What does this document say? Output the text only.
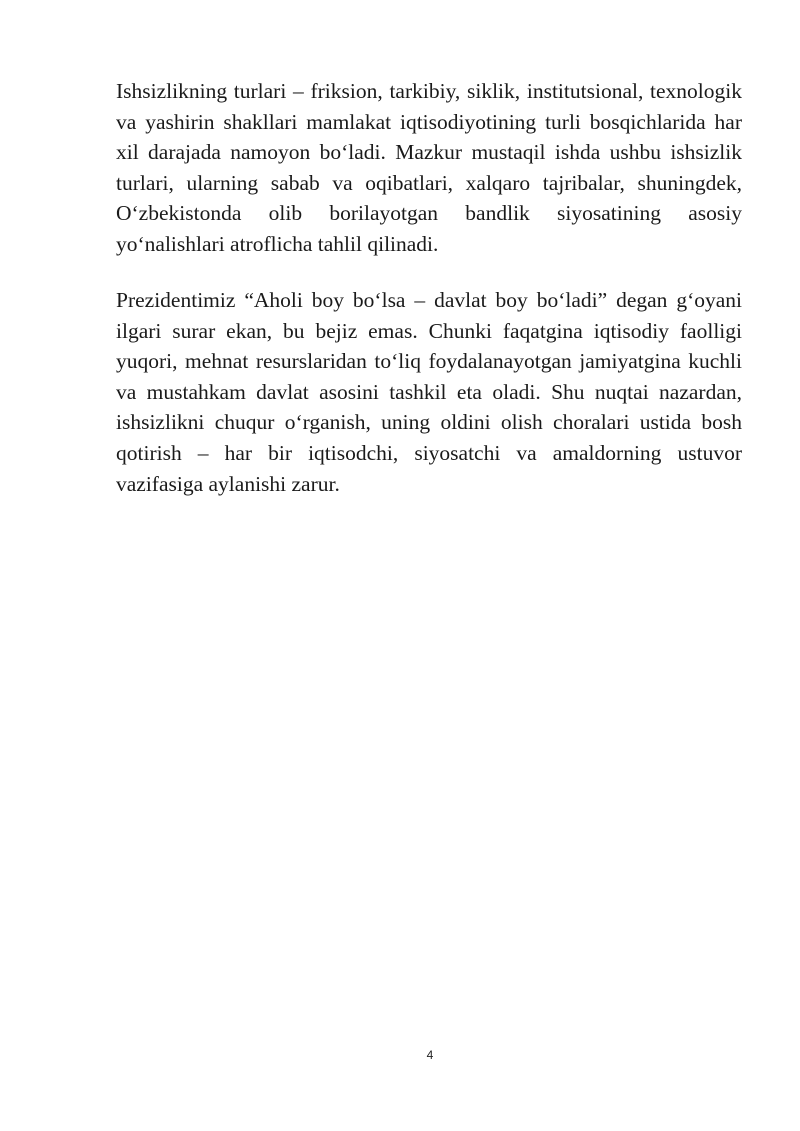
Ishsizlikning turlari – friksion, tarkibiy, siklik, institutsional, texnologik va yashirin shakllari mamlakat iqtisodiyotining turli bosqichlarida har xil darajada namoyon boʻladi. Mazkur mustaqil ishda ushbu ishsizlik turlari, ularning sabab va oqibatlari, xalqaro tajribalar, shuningdek, Oʻzbekistonda olib borilayotgan bandlik siyosatining asosiy yoʻnalishlari atroflicha tahlil qilinadi.

Prezidentimiz “Aholi boy boʻlsa – davlat boy boʻladi” degan gʻoyani ilgari surar ekan, bu bejiz emas. Chunki faqatgina iqtisodiy faolligi yuqori, mehnat resurslaridan toʻliq foydalanayotgan jamiyatgina kuchli va mustahkam davlat asosini tashkil eta oladi. Shu nuqtai nazardan, ishsizlikni chuqur oʻrganish, uning oldini olish choralari ustida bosh qotirish – har bir iqtisodchi, siyosatchi va amaldorning ustuvor vazifasiga aylanishi zarur.

4
